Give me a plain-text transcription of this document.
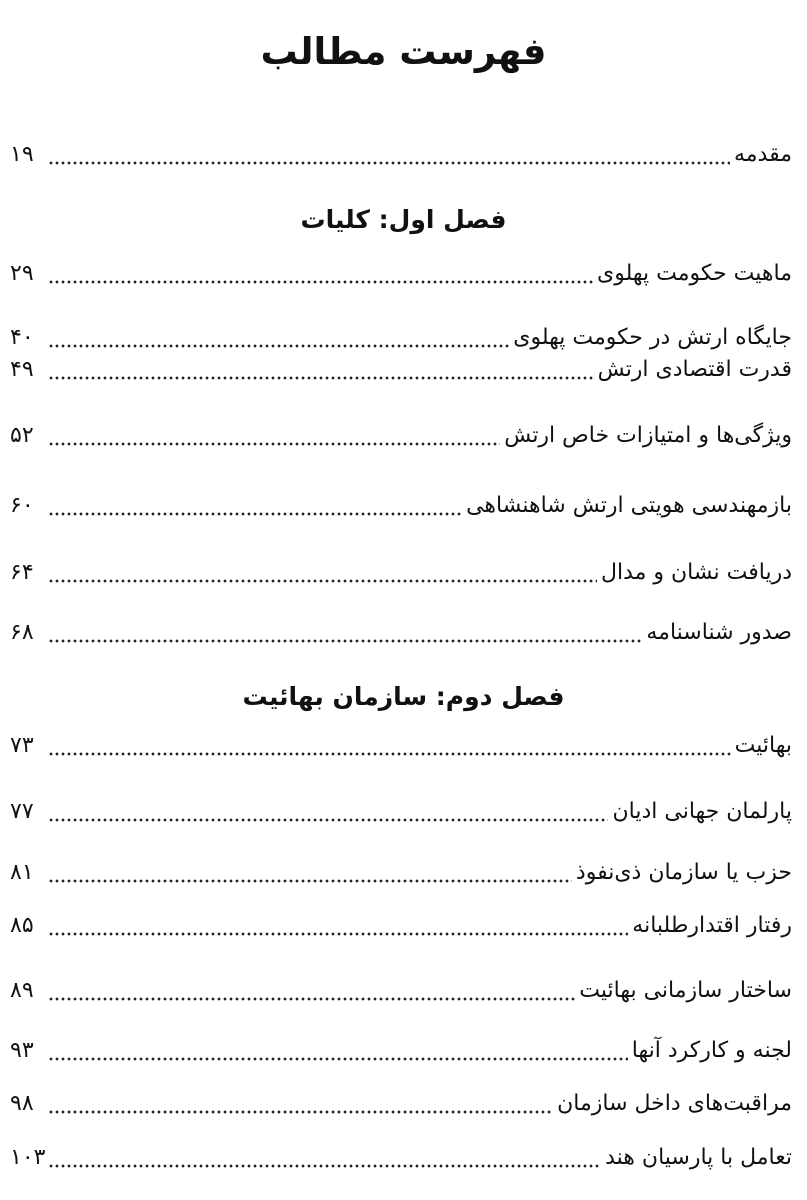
فهرست مطالب
مقدمه
۱۹
فصل اول: کلیات
ماهیت حکومت پهلوی
۲۹
جایگاه ارتش در حکومت پهلوی
۴۰
قدرت اقتصادی ارتش
۴۹
ویژگی‌ها و امتیازات خاص ارتش
۵۲
بازمهندسی هویتی ارتش شاهنشاهی
۶۰
دریافت نشان و مدال
۶۴
صدور شناسنامه
۶۸
فصل دوم: سازمان بهائیت
بهائیت
۷۳
پارلمان جهانی ادیان
۷۷
حزب یا سازمان ذی‌نفوذ
۸۱
رفتار اقتدارطلبانه
۸۵
ساختار سازمانی بهائیت
۸۹
لجنه و کارکرد آنها
۹۳
مراقبت‌های داخل سازمان
۹۸
تعامل با پارسیان هند
۱۰۳
